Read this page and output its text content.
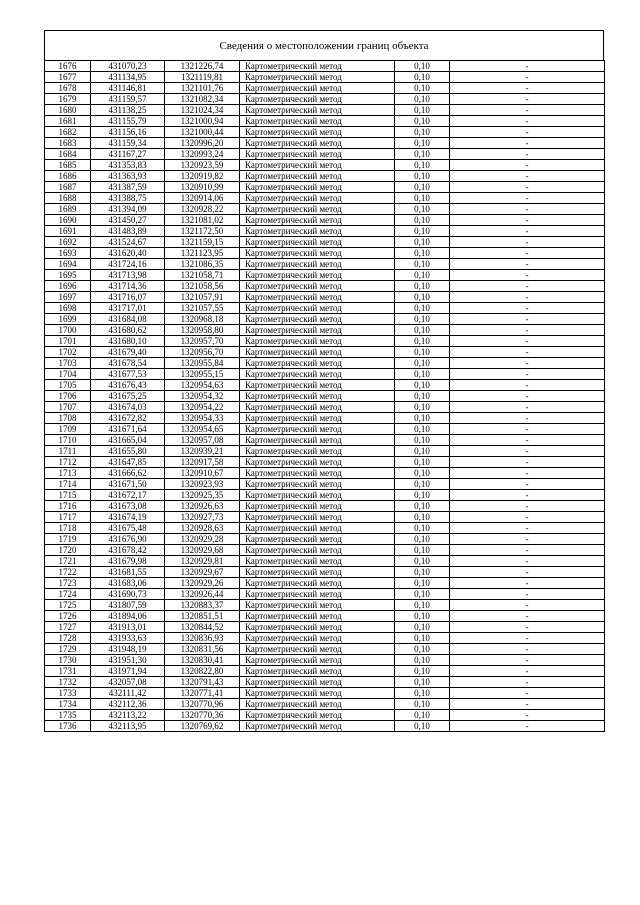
Сведения о местоположении границ объекта
1676	431070,23	1321226,74	Картометрический метод	0,10	-
1677	431134,95	1321119,81	Картометрический метод	0,10	-
1678	431146,81	1321101,76	Картометрический метод	0,10	-
1679	431159,57	1321082,34	Картометрический метод	0,10	-
1680	431138,25	1321024,34	Картометрический метод	0,10	-
1681	431155,79	1321000,94	Картометрический метод	0,10	-
1682	431156,16	1321000,44	Картометрический метод	0,10	-
1683	431159,34	1320996,20	Картометрический метод	0,10	-
1684	431167,27	1320993,24	Картометрический метод	0,10	-
1685	431353,83	1320923,59	Картометрический метод	0,10	-
1686	431363,93	1320919,82	Картометрический метод	0,10	-
1687	431387,59	1320910,99	Картометрический метод	0,10	-
1688	431388,75	1320914,06	Картометрический метод	0,10	-
1689	431394,09	1320928,22	Картометрический метод	0,10	-
1690	431450,27	1321081,02	Картометрический метод	0,10	-
1691	431483,89	1321172,50	Картометрический метод	0,10	-
1692	431524,67	1321159,15	Картометрический метод	0,10	-
1693	431620,40	1321123,95	Картометрический метод	0,10	-
1694	431724,16	1321086,35	Картометрический метод	0,10	-
1695	431713,98	1321058,71	Картометрический метод	0,10	-
1696	431714,36	1321058,56	Картометрический метод	0,10	-
1697	431716,07	1321057,91	Картометрический метод	0,10	-
1698	431717,01	1321057,55	Картометрический метод	0,10	-
1699	431684,08	1320968,18	Картометрический метод	0,10	-
1700	431680,62	1320958,80	Картометрический метод	0,10	-
1701	431680,10	1320957,70	Картометрический метод	0,10	-
1702	431679,40	1320956,70	Картометрический метод	0,10	-
1703	431678,54	1320955,84	Картометрический метод	0,10	-
1704	431677,53	1320955,15	Картометрический метод	0,10	-
1705	431676,43	1320954,63	Картометрический метод	0,10	-
1706	431675,25	1320954,32	Картометрический метод	0,10	-
1707	431674,03	1320954,22	Картометрический метод	0,10	-
1708	431672,82	1320954,33	Картометрический метод	0,10	-
1709	431671,64	1320954,65	Картометрический метод	0,10	-
1710	431665,04	1320957,08	Картометрический метод	0,10	-
1711	431655,80	1320939,21	Картометрический метод	0,10	-
1712	431647,85	1320917,58	Картометрический метод	0,10	-
1713	431666,62	1320910,67	Картометрический метод	0,10	-
1714	431671,50	1320923,93	Картометрический метод	0,10	-
1715	431672,17	1320925,35	Картометрический метод	0,10	-
1716	431673,08	1320926,63	Картометрический метод	0,10	-
1717	431674,19	1320927,73	Картометрический метод	0,10	-
1718	431675,48	1320928,63	Картометрический метод	0,10	-
1719	431676,90	1320929,28	Картометрический метод	0,10	-
1720	431678,42	1320929,68	Картометрический метод	0,10	-
1721	431679,98	1320929,81	Картометрический метод	0,10	-
1722	431681,55	1320929,67	Картометрический метод	0,10	-
1723	431683,06	1320929,26	Картометрический метод	0,10	-
1724	431690,73	1320926,44	Картометрический метод	0,10	-
1725	431807,59	1320883,37	Картометрический метод	0,10	-
1726	431894,06	1320851,51	Картометрический метод	0,10	-
1727	431913,01	1320844,52	Картометрический метод	0,10	-
1728	431933,63	1320836,93	Картометрический метод	0,10	-
1729	431948,19	1320831,56	Картометрический метод	0,10	-
1730	431951,30	1320830,41	Картометрический метод	0,10	-
1731	431971,94	1320822,80	Картометрический метод	0,10	-
1732	432057,08	1320791,43	Картометрический метод	0,10	-
1733	432111,42	1320771,41	Картометрический метод	0,10	-
1734	432112,36	1320770,96	Картометрический метод	0,10	-
1735	432113,22	1320770,36	Картометрический метод	0,10	-
1736	432113,95	1320769,62	Картометрический метод	0,10	-
